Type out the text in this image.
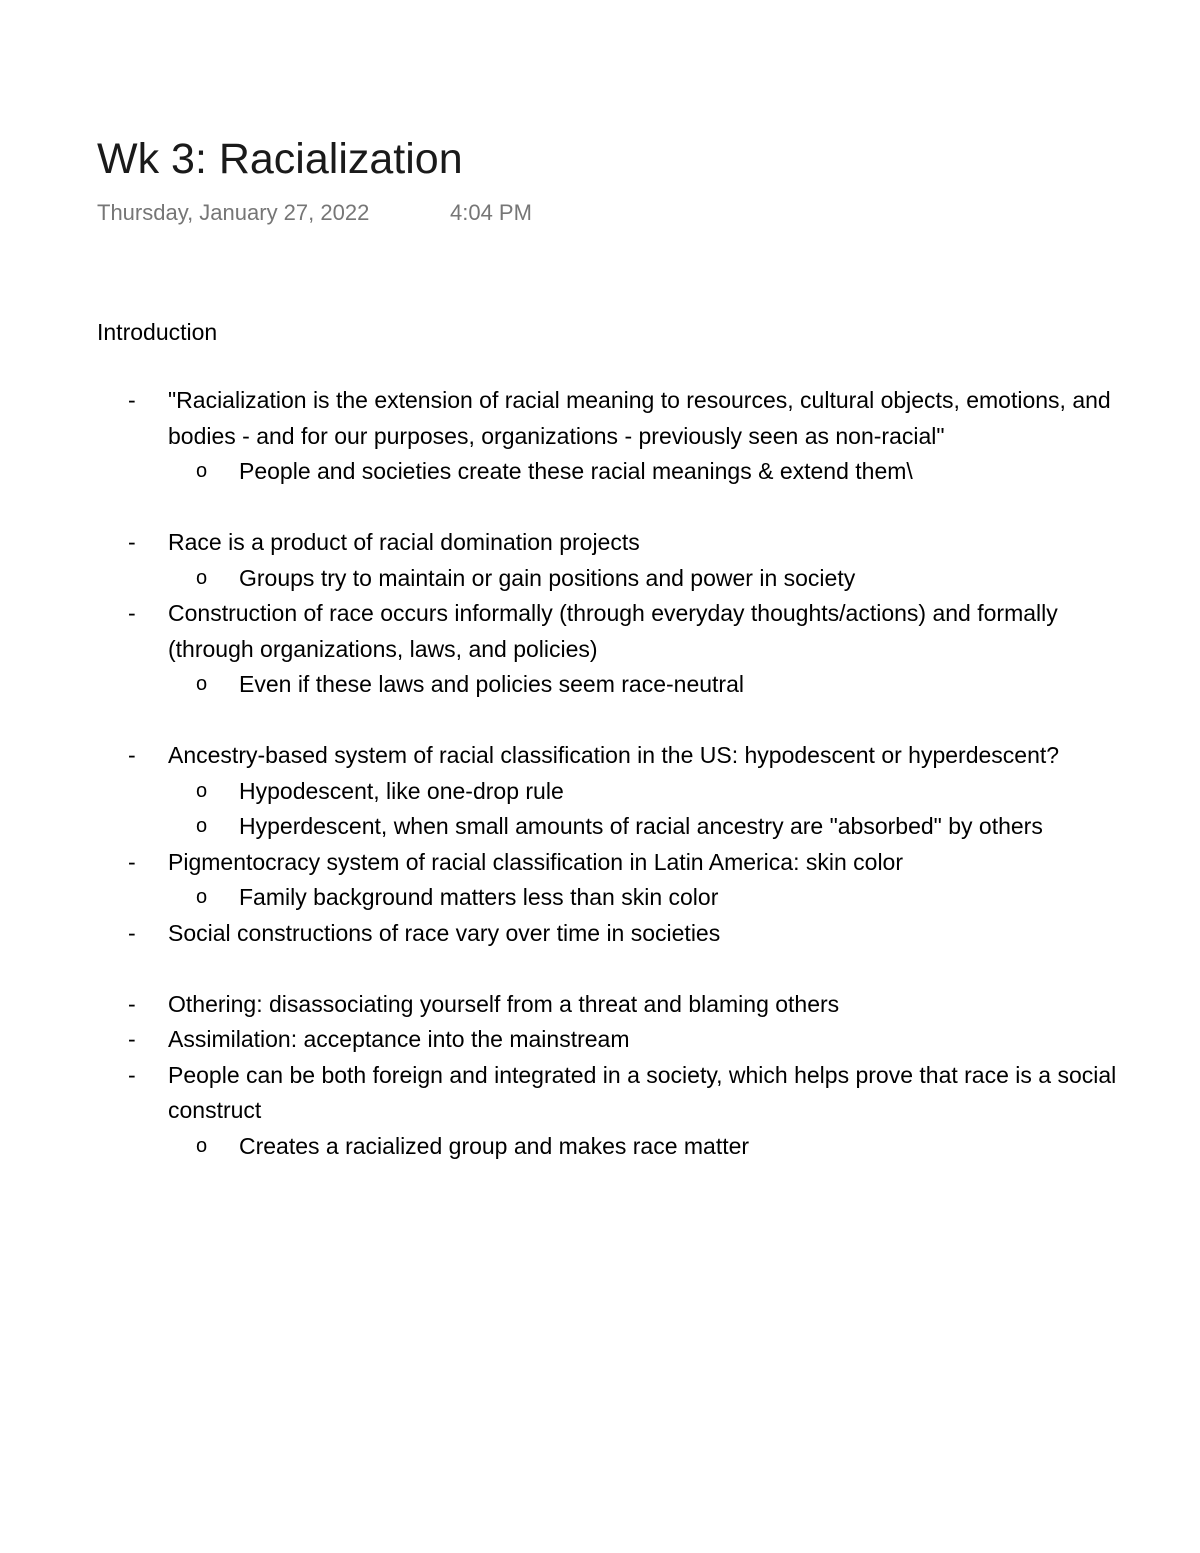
Wk 3: Racialization
Thursday, January 27, 2022	4:04 PM
Introduction
-	"Racialization is the extension of racial meaning to resources, cultural objects, emotions, and
bodies - and for our purposes, organizations - previously seen as non-racial"
o	People and societies create these racial meanings & extend them\
-	Race is a product of racial domination projects
o	Groups try to maintain or gain positions and power in society
-	Construction of race occurs informally (through everyday thoughts/actions) and formally
(through organizations, laws, and policies)
o	Even if these laws and policies seem race-neutral
-	Ancestry-based system of racial classification in the US: hypodescent or hyperdescent?
o	Hypodescent, like one-drop rule
o	Hyperdescent, when small amounts of racial ancestry are "absorbed" by others
-	Pigmentocracy system of racial classification in Latin America: skin color
o	Family background matters less than skin color
-	Social constructions of race vary over time in societies
-	Othering: disassociating yourself from a threat and blaming others
-	Assimilation: acceptance into the mainstream
-	People can be both foreign and integrated in a society, which helps prove that race is a social
construct
o	Creates a racialized group and makes race matter
